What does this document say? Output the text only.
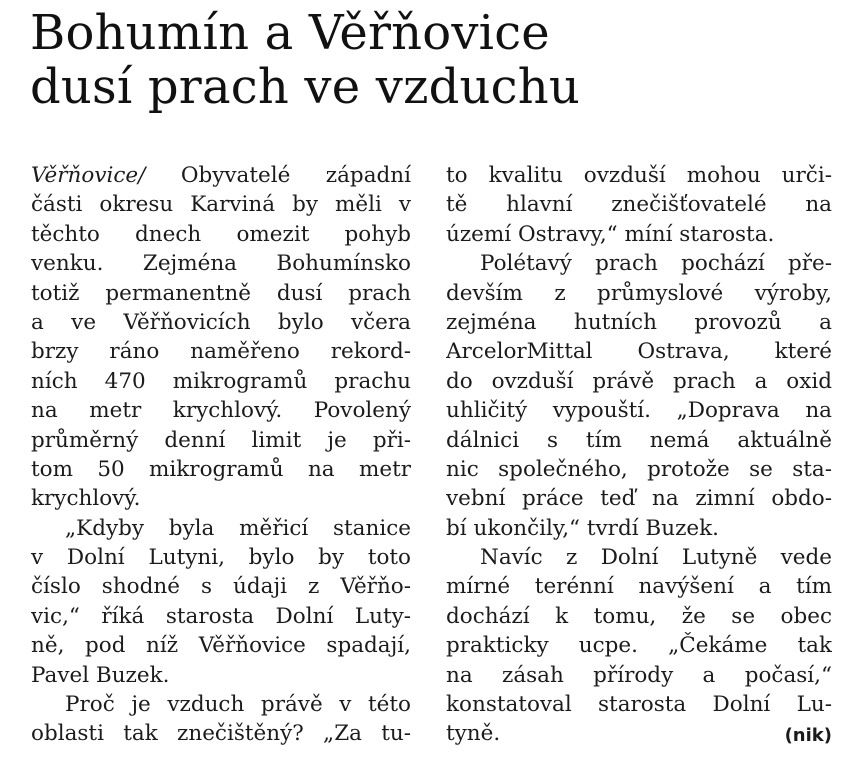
Bohumín a Věřňovice
dusí prach ve vzduchu
Věřňovice/ Obyvatelé západní
části okresu Karviná by měli v
těchto dnech omezit pohyb
venku. Zejména Bohumínsko
totiž permanentně dusí prach
a ve Věřňovicích bylo včera
brzy ráno naměřeno rekord-
ních 470 mikrogramů prachu
na metr krychlový. Povolený
průměrný denní limit je při-
tom 50 mikrogramů na metr
krychlový.
„Kdyby byla měřicí stanice
v Dolní Lutyni, bylo by toto
číslo shodné s údaji z Věřňo-
vic,“ říká starosta Dolní Luty-
ně, pod níž Věřňovice spadají,
Pavel Buzek.
Proč je vzduch právě v této
oblasti tak znečištěný? „Za tu-
to kvalitu ovzduší mohou urči-
tě hlavní znečišťovatelé na
území Ostravy,“ míní starosta.
Polétavý prach pochází pře-
devším z průmyslové výroby,
zejména hutních provozů a
ArcelorMittal Ostrava, které
do ovzduší právě prach a oxid
uhličitý vypouští. „Doprava na
dálnici s tím nemá aktuálně
nic společného, protože se sta-
vební práce teď na zimní obdo-
bí ukončily,“ tvrdí Buzek.
Navíc z Dolní Lutyně vede
mírné terénní navýšení a tím
dochází k tomu, že se obec
prakticky ucpe. „Čekáme tak
na zásah přírody a počasí,“
konstatoval starosta Dolní Lu-
tyně.	(nik)
